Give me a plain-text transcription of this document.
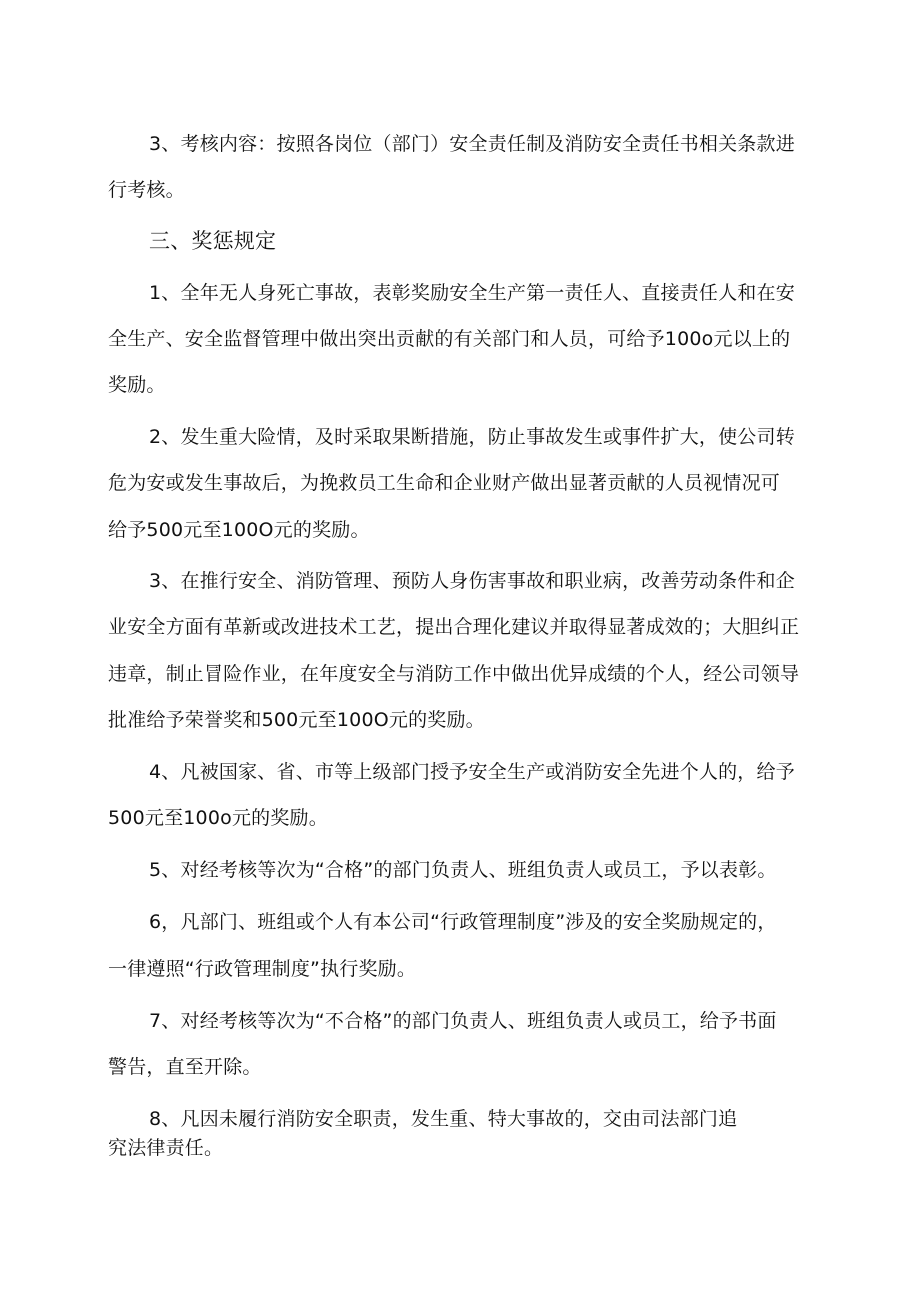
3、考核内容：按照各岗位（部门）安全责任制及消防安全责任书相关条款进
行考核。
三、奖惩规定
1、全年无人身死亡事故，表彰奖励安全生产第一责任人、直接责任人和在安
全生产、安全监督管理中做出突出贡献的有关部门和人员，可给予100o元以上的
奖励。
2、发生重大险情，及时采取果断措施，防止事故发生或事件扩大，使公司转
危为安或发生事故后，为挽救员工生命和企业财产做出显著贡献的人员视情况可
给予500元至100O元的奖励。
3、在推行安全、消防管理、预防人身伤害事故和职业病，改善劳动条件和企
业安全方面有革新或改进技术工艺，提出合理化建议并取得显著成效的；大胆纠正
违章，制止冒险作业，在年度安全与消防工作中做出优异成绩的个人，经公司领导
批准给予荣誉奖和500元至100O元的奖励。
4、凡被国家、省、市等上级部门授予安全生产或消防安全先进个人的，给予
500元至100o元的奖励。
5、对经考核等次为“合格”的部门负责人、班组负责人或员工，予以表彰。
6，凡部门、班组或个人有本公司“行政管理制度”涉及的安全奖励规定的，
一律遵照“行政管理制度”执行奖励。
7、对经考核等次为“不合格”的部门负责人、班组负责人或员工，给予书面
警告，直至开除。
8、凡因未履行消防安全职责，发生重、特大事故的，交由司法部门追
究法律责任。
